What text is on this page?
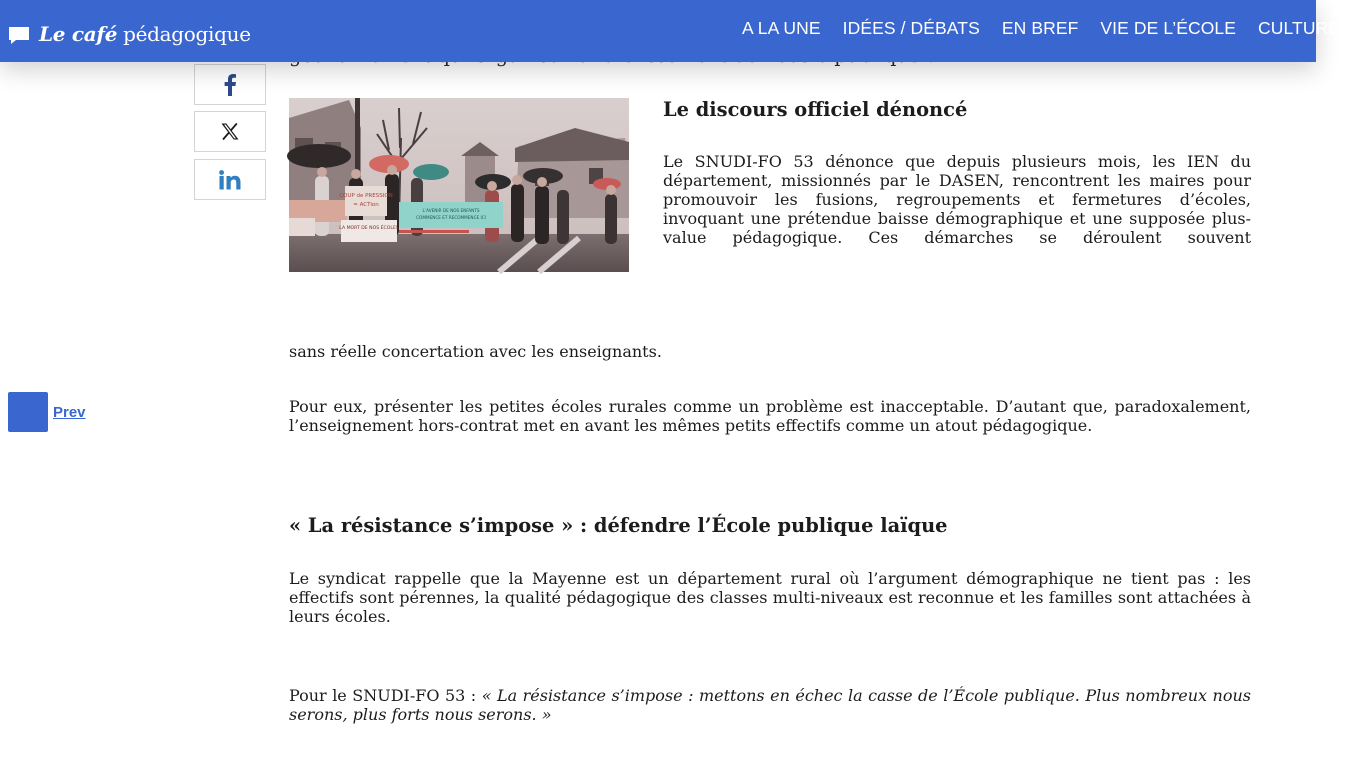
Le café pédagogique	A LA UNE IDÉES / DÉBATS EN BREF VIE DE L’ÉCOLE CULTURE
Prev
COUP de PRESSION
= ACTion
LA MORT DE NOS ÉCOLES
L’AVENIR DE NOS ENFANTS
COMMENCE ET RECOMMENCE ICI

Le discours officiel dénoncé

Le SNUDI-FO 53 dénonce que depuis plusieurs mois, les IEN du département, missionnés par le DASEN, rencontrent les maires pour promouvoir les fusions, regroupements et fermetures d’écoles, invoquant une prétendue baisse démographique et une supposée plus-value pédagogique. Ces démarches se déroulent souvent

sans réelle concertation avec les enseignants.

Pour eux, présenter les petites écoles rurales comme un problème est inacceptable. D’autant que, paradoxalement, l’enseignement hors-contrat met en avant les mêmes petits effectifs comme un atout pédagogique.

« La résistance s’impose » : défendre l’École publique laïque

Le syndicat rappelle que la Mayenne est un département rural où l’argument démographique ne tient pas : les effectifs sont pérennes, la qualité pédagogique des classes multi-niveaux est reconnue et les familles sont attachées à leurs écoles.

Pour le SNUDI-FO 53 : « La résistance s’impose : mettons en échec la casse de l’École publique. Plus nombreux nous serons, plus forts nous serons. »
